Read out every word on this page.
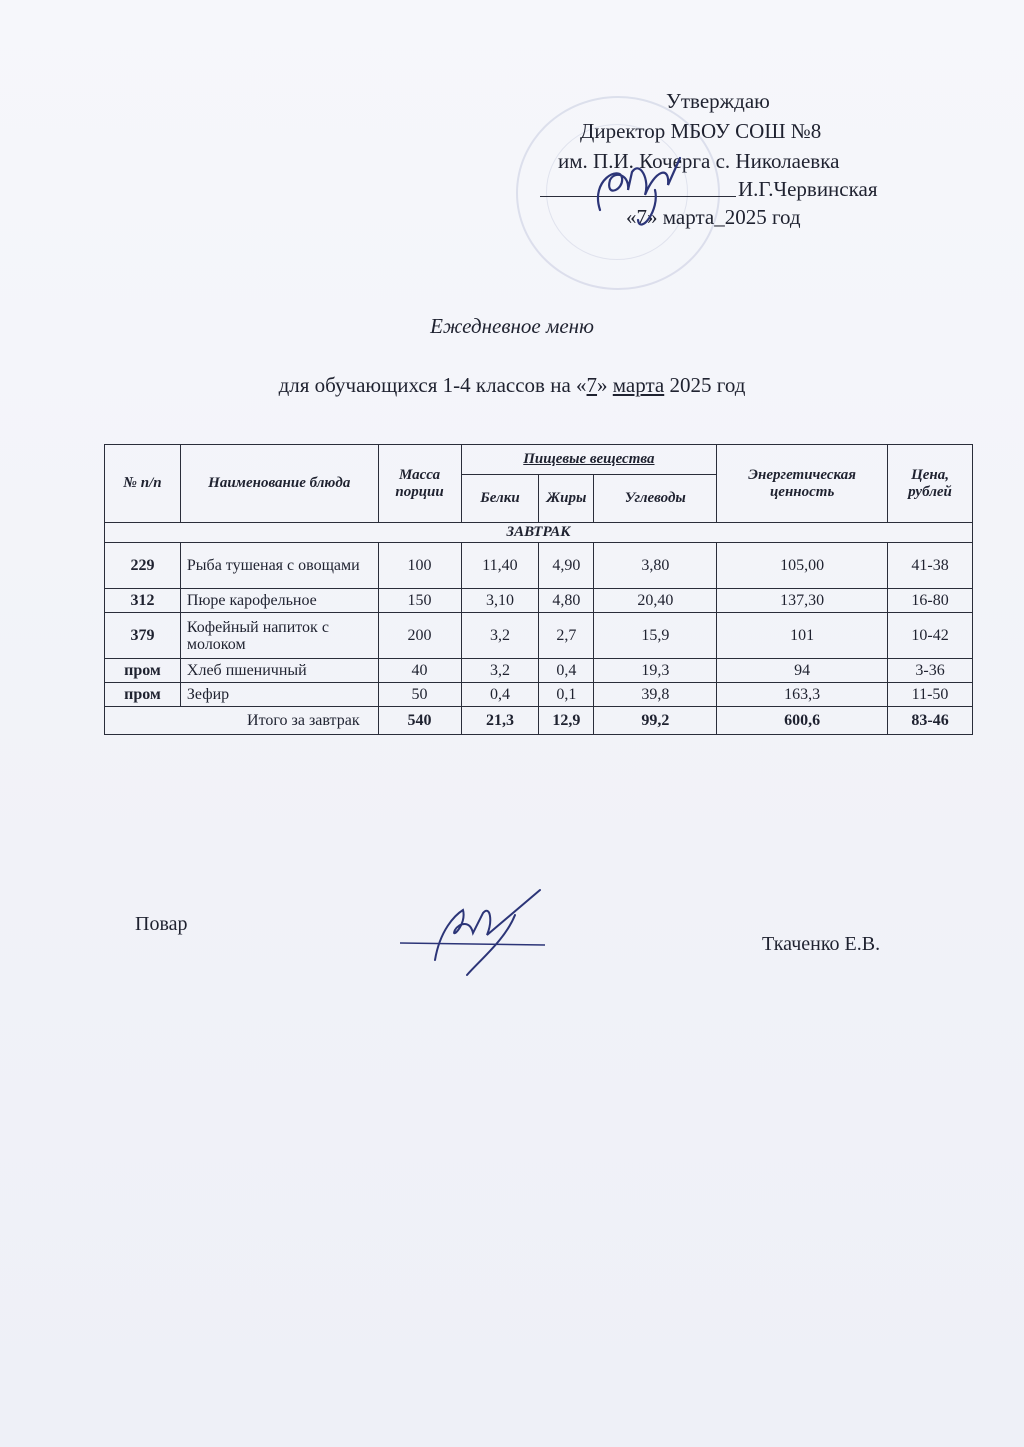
Утверждаю
Директор МБОУ СОШ №8
им. П.И. Кочерга с. Николаевка
И.Г.Червинская
«7» марта_2025 год
Ежедневное меню
для обучающихся 1-4 классов на «7» марта 2025 год
№ п/п	Наименование блюда	Масса порции	Пищевые вещества			Энергетическая ценность	Цена, рублей
			Белки	Жиры	Углеводы		
ЗАВТРАК							
229	Рыба тушеная с овощами	100	11,40	4,90	3,80	105,00	41-38
312	Пюре карофельное	150	3,10	4,80	20,40	137,30	16-80
379	Кофейный напиток с молоком	200	3,2	2,7	15,9	101	10-42
пром	Хлеб пшеничный	40	3,2	0,4	19,3	94	3-36
пром	Зефир	50	0,4	0,1	39,8	163,3	11-50
Итого за завтрак		540	21,3	12,9	99,2	600,6	83-46
Повар
Ткаченко Е.В.
